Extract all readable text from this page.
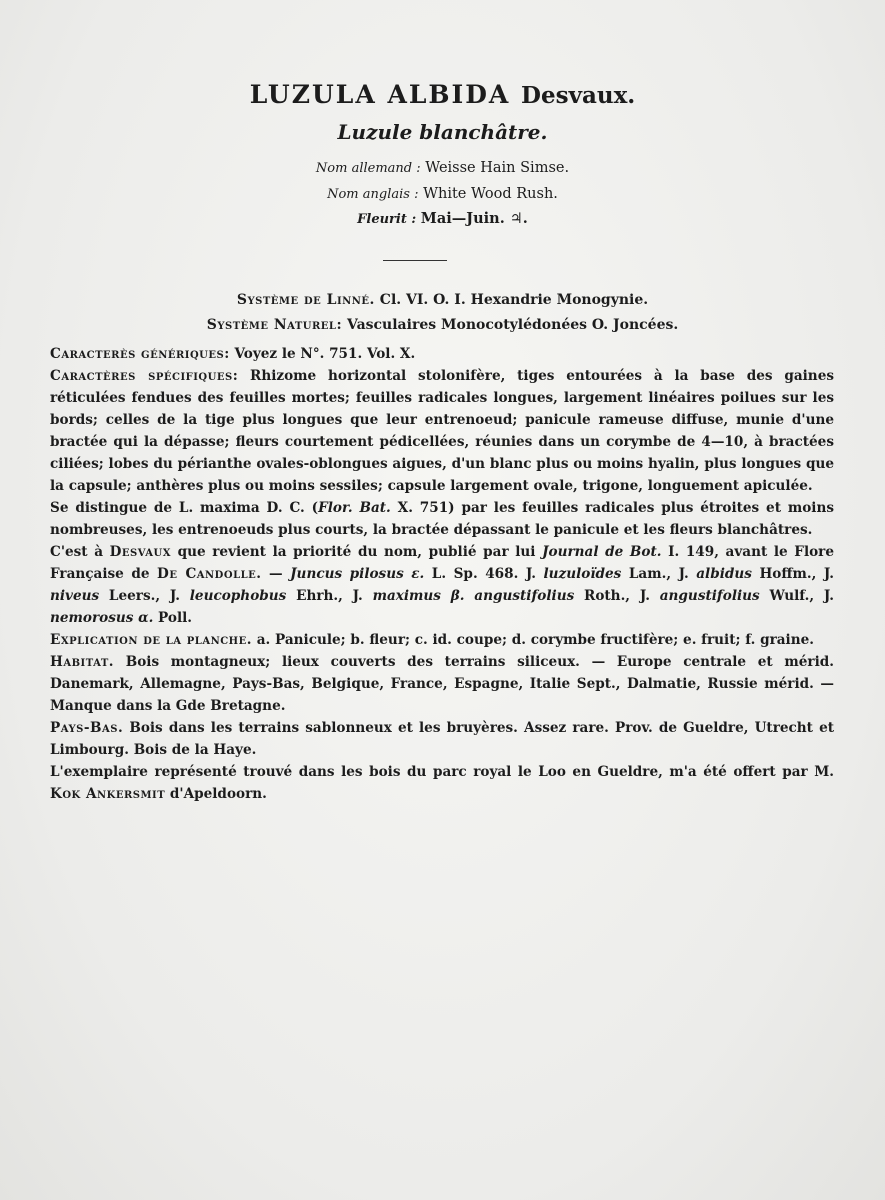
LUZULA ALBIDA Desvaux.
Luzule blanchâtre.
Nom allemand : Weisse Hain Simse.
Nom anglais : White Wood Rush.
Fleurit : Mai—Juin. ♃.
Système de Linné. Cl. VI. O. I. Hexandrie Monogynie.
Système Naturel: Vasculaires Monocotylédonées O. Joncées.

Caracterès génériques: Voyez le N°. 751. Vol. X.

Caractères spécifiques: Rhizome horizontal stolonifère, tiges entourées à la base des gaines réticulées fendues des feuilles mortes; feuilles radicales longues, largement linéaires poilues sur les bords; celles de la tige plus longues que leur entrenoeud; panicule rameuse diffuse, munie d'une bractée qui la dépasse; fleurs courtement pédicellées, réunies dans un corymbe de 4—10, à bractées ciliées; lobes du périanthe ovales-oblongues aigues, d'un blanc plus ou moins hyalin, plus longues que la capsule; anthères plus ou moins sessiles; capsule largement ovale, trigone, longuement apiculée.

Se distingue de L. maxima D. C. (Flor. Bat. X. 751) par les feuilles radicales plus étroites et moins nombreuses, les entrenoeuds plus courts, la bractée dépassant le panicule et les fleurs blanchâtres.

C'est à Desvaux que revient la priorité du nom, publié par lui Journal de Bot. I. 149, avant le Flore Française de De Candolle. — Juncus pilosus ε. L. Sp. 468. J. luzuloïdes Lam., J. albidus Hoffm., J. niveus Leers., J. leucophobus Ehrh., J. maximus β. angustifolius Roth., J. angustifolius Wulf., J. nemorosus α. Poll.

Explication de la planche. a. Panicule; b. fleur; c. id. coupe; d. corymbe fructifère; e. fruit; f. graine.

Habitat. Bois montagneux; lieux couverts des terrains siliceux. — Europe centrale et mérid. Danemark, Allemagne, Pays-Bas, Belgique, France, Espagne, Italie Sept., Dalmatie, Russie mérid. — Manque dans la Gde Bretagne.

Pays-Bas. Bois dans les terrains sablonneux et les bruyères. Assez rare. Prov. de Gueldre, Utrecht et Limbourg. Bois de la Haye.

L'exemplaire représenté trouvé dans les bois du parc royal le Loo en Gueldre, m'a été offert par M. Kok Ankersmit d'Apeldoorn.
